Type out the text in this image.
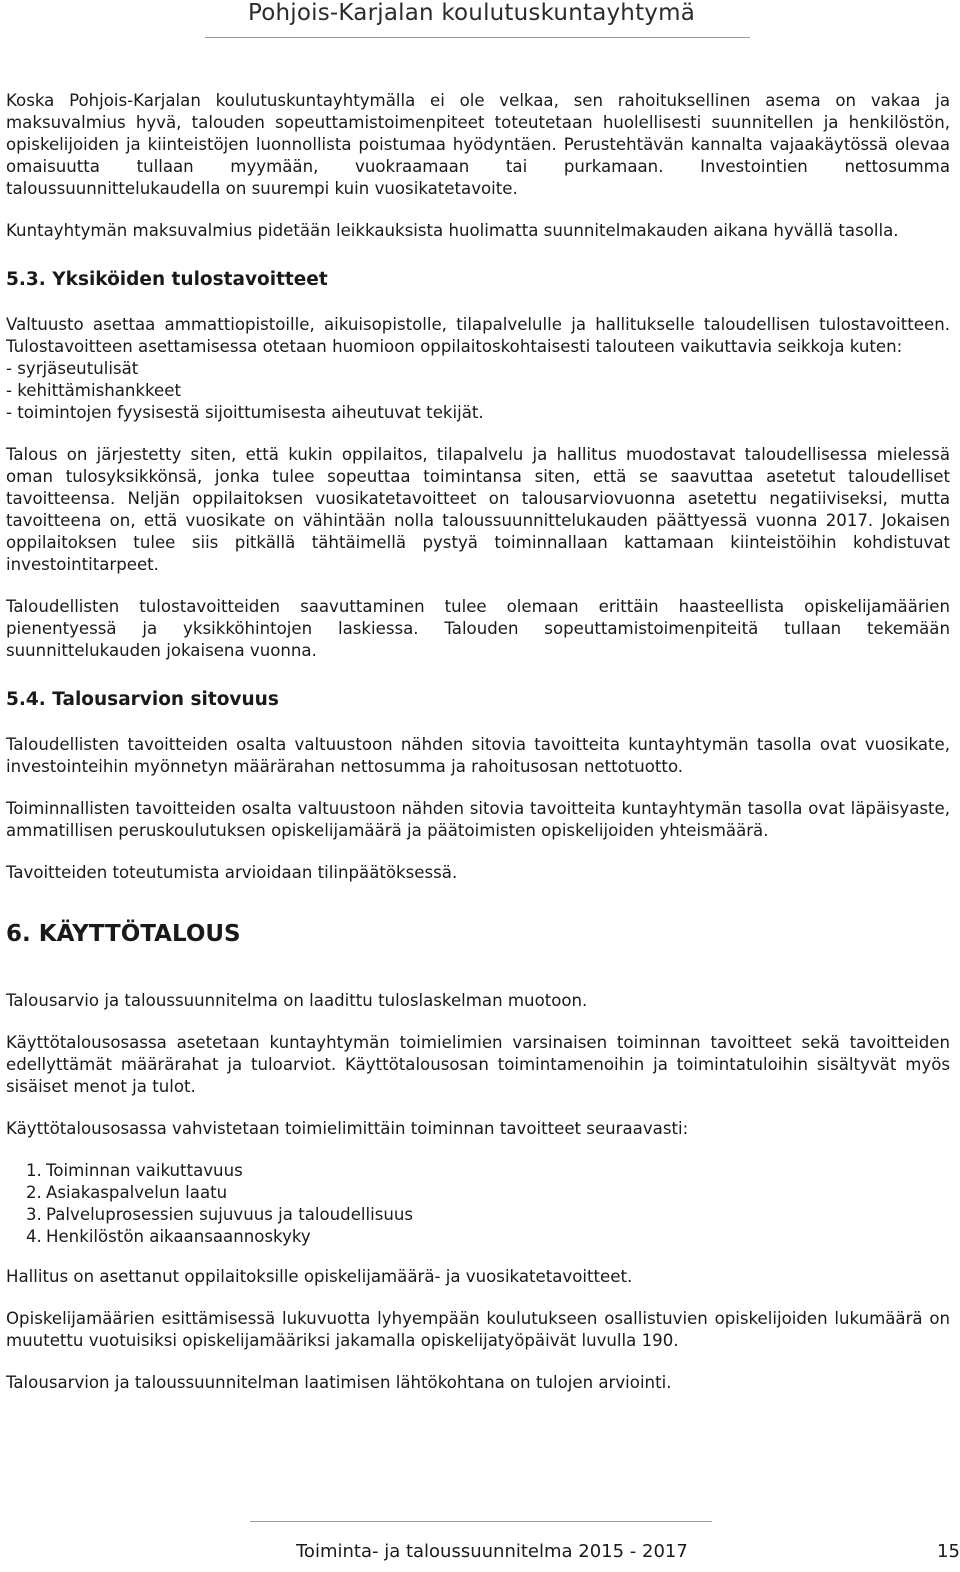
Pohjois-Karjalan koulutuskuntayhtymä

Koska Pohjois-Karjalan koulutuskuntayhtymälla ei ole velkaa, sen rahoituksellinen asema on vakaa ja maksuvalmius hyvä, talouden sopeuttamistoimenpiteet toteutetaan huolellisesti suunnitellen ja henkilöstön, opiskelijoiden ja kiinteistöjen luonnollista poistumaa hyödyntäen. Perustehtävän kannalta vajaakäytössä olevaa omaisuutta tullaan myymään, vuokraamaan tai purkamaan. Investointien nettosumma taloussuunnittelukaudella on suurempi kuin vuosikatetavoite.

Kuntayhtymän maksuvalmius pidetään leikkauksista huolimatta suunnitelmakauden aikana hyvällä tasolla.

5.3. Yksiköiden tulostavoitteet

Valtuusto asettaa ammattiopistoille, aikuisopistolle, tilapalvelulle ja hallitukselle taloudellisen tulostavoitteen. Tulostavoitteen asettamisessa otetaan huomioon oppilaitoskohtaisesti talouteen vaikuttavia seikkoja kuten:

- syrjäseutulisät
- kehittämishankkeet
- toimintojen fyysisestä sijoittumisesta aiheutuvat tekijät.

Talous on järjestetty siten, että kukin oppilaitos, tilapalvelu ja hallitus muodostavat taloudellisessa mielessä oman tulosyksikkönsä, jonka tulee sopeuttaa toimintansa siten, että se saavuttaa asetetut taloudelliset tavoitteensa. Neljän oppilaitoksen vuosikatetavoitteet on talousarviovuonna asetettu negatiiviseksi, mutta tavoitteena on, että vuosikate on vähintään nolla taloussuunnittelukauden päättyessä vuonna 2017. Jokaisen oppilaitoksen tulee siis pitkällä tähtäimellä pystyä toiminnallaan kattamaan kiinteistöihin kohdistuvat investointitarpeet.

Taloudellisten tulostavoitteiden saavuttaminen tulee olemaan erittäin haasteellista opiskelijamäärien pienentyessä ja yksikköhintojen laskiessa. Talouden sopeuttamistoimenpiteitä tullaan tekemään suunnittelukauden jokaisena vuonna.

5.4. Talousarvion sitovuus

Taloudellisten tavoitteiden osalta valtuustoon nähden sitovia tavoitteita kuntayhtymän tasolla ovat vuosikate, investointeihin myönnetyn määrärahan nettosumma ja rahoitusosan nettotuotto.

Toiminnallisten tavoitteiden osalta valtuustoon nähden sitovia tavoitteita kuntayhtymän tasolla ovat läpäisyaste, ammatillisen peruskoulutuksen opiskelijamäärä ja päätoimisten opiskelijoiden yhteismäärä.

Tavoitteiden toteutumista arvioidaan tilinpäätöksessä.

6. KÄYTTÖTALOUS

Talousarvio ja taloussuunnitelma on laadittu tuloslaskelman muotoon.

Käyttötalousosassa asetetaan kuntayhtymän toimielimien varsinaisen toiminnan tavoitteet sekä tavoitteiden edellyttämät määrärahat ja tuloarviot. Käyttötalousosan toimintamenoihin ja toimintatuloihin sisältyvät myös sisäiset menot ja tulot.

Käyttötalousosassa vahvistetaan toimielimittäin toiminnan tavoitteet seuraavasti:

1. Toiminnan vaikuttavuus
2. Asiakaspalvelun laatu
3. Palveluprosessien sujuvuus ja taloudellisuus
4. Henkilöstön aikaansaannoskyky

Hallitus on asettanut oppilaitoksille opiskelijamäärä- ja vuosikatetavoitteet.

Opiskelijamäärien esittämisessä lukuvuotta lyhyempään koulutukseen osallistuvien opiskelijoiden lukumäärä on muutettu vuotuisiksi opiskelijamääriksi jakamalla opiskelijatyöpäivät luvulla 190.

Talousarvion ja taloussuunnitelman laatimisen lähtökohtana on tulojen arviointi.

Toiminta- ja taloussuunnitelma 2015 - 2017	15
